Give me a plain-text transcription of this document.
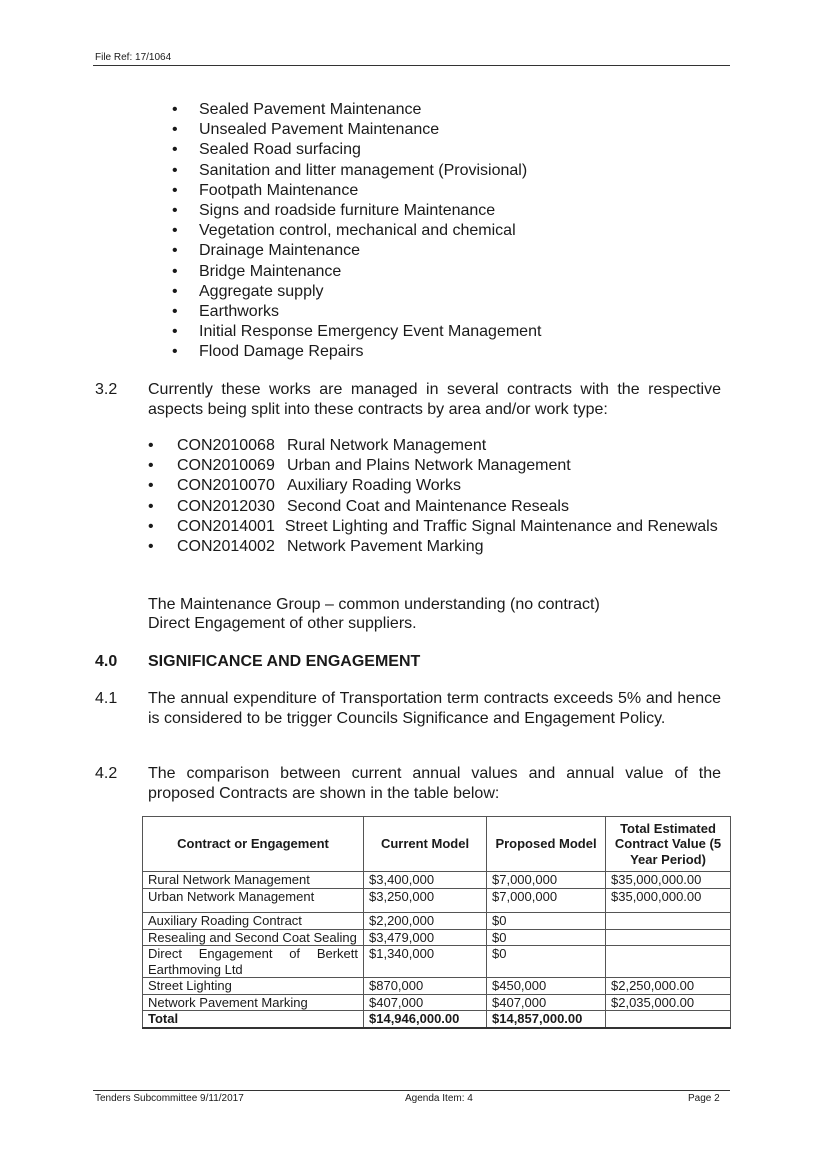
File Ref: 17/1064
• Sealed Pavement Maintenance
• Unsealed Pavement Maintenance
• Sealed Road surfacing
• Sanitation and litter management (Provisional)
• Footpath Maintenance
• Signs and roadside furniture Maintenance
• Vegetation control, mechanical and chemical
• Drainage Maintenance
• Bridge Maintenance
• Aggregate supply
• Earthworks
• Initial Response Emergency Event Management
• Flood Damage Repairs
3.2 Currently these works are managed in several contracts with the respective aspects being split into these contracts by area and/or work type:
• CON2010068 Rural Network Management
• CON2010069 Urban and Plains Network Management
• CON2010070 Auxiliary Roading Works
• CON2012030 Second Coat and Maintenance Reseals
• CON2014001 Street Lighting and Traffic Signal Maintenance and Renewals
• CON2014002 Network Pavement Marking
The Maintenance Group – common understanding (no contract)
Direct Engagement of other suppliers.
4.0 SIGNIFICANCE AND ENGAGEMENT
4.1 The annual expenditure of Transportation term contracts exceeds 5% and hence is considered to be trigger Councils Significance and Engagement Policy.
4.2 The comparison between current annual values and annual value of the proposed Contracts are shown in the table below:
Contract or Engagement	Current Model	Proposed Model	Total Estimated Contract Value (5 Year Period)
Rural Network Management	$3,400,000	$7,000,000	$35,000,000.00
Urban Network Management	$3,250,000	$7,000,000	$35,000,000.00

Auxiliary Roading Contract	$2,200,000	$0	
Resealing and Second Coat Sealing	$3,479,000	$0	
Direct Engagement of Berkett Earthmoving Ltd	$1,340,000	$0	
Street Lighting	$870,000	$450,000	$2,250,000.00
Network Pavement Marking	$407,000	$407,000	$2,035,000.00
Total	$14,946,000.00	$14,857,000.00	
Tenders Subcommittee 9/11/2017	Agenda Item: 4	Page 2
